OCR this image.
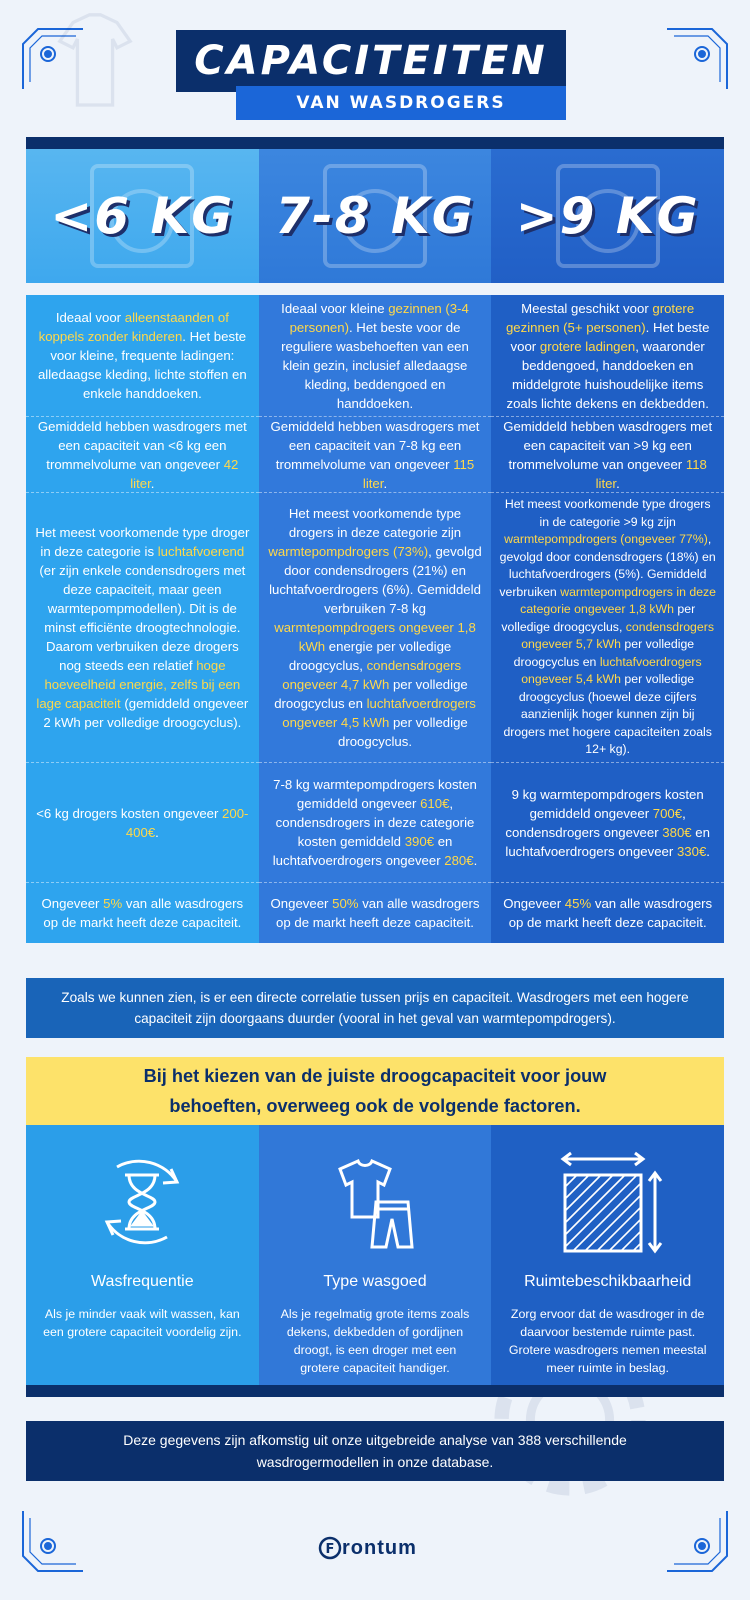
CAPACITEITEN
VAN WASDROGERS
<6 KG 7-8 KG >9 KG
Ideaal voor alleenstaanden of koppels zonder kinderen. Het beste voor kleine, frequente ladingen: alledaagse kleding, lichte stoffen en enkele handdoeken.
Gemiddeld hebben wasdrogers met een capaciteit van <6 kg een trommelvolume van ongeveer 42 liter.
Het meest voorkomende type droger in deze categorie is luchtafvoerend (er zijn enkele condensdrogers met deze capaciteit, maar geen warmtepompmodellen). Dit is de minst efficiënte droogtechnologie. Daarom verbruiken deze drogers nog steeds een relatief hoge hoeveelheid energie, zelfs bij een lage capaciteit (gemiddeld ongeveer 2 kWh per volledige droogcyclus).
<6 kg drogers kosten ongeveer 200-400€.
Ongeveer 5% van alle wasdrogers op de markt heeft deze capaciteit.
Ideaal voor kleine gezinnen (3-4 personen). Het beste voor de reguliere wasbehoeften van een klein gezin, inclusief alledaagse kleding, beddengoed en handdoeken.
Gemiddeld hebben wasdrogers met een capaciteit van 7-8 kg een trommelvolume van ongeveer 115 liter.
Het meest voorkomende type drogers in deze categorie zijn warmtepompdrogers (73%), gevolgd door condensdrogers (21%) en luchtafvoerdrogers (6%). Gemiddeld verbruiken 7-8 kg warmtepompdrogers ongeveer 1,8 kWh energie per volledige droogcyclus, condensdrogers ongeveer 4,7 kWh per volledige droogcyclus en luchtafvoerdrogers ongeveer 4,5 kWh per volledige droogcyclus.
7-8 kg warmtepompdrogers kosten gemiddeld ongeveer 610€, condensdrogers in deze categorie kosten gemiddeld 390€ en luchtafvoerdrogers ongeveer 280€.
Ongeveer 50% van alle wasdrogers op de markt heeft deze capaciteit.
Meestal geschikt voor grotere gezinnen (5+ personen). Het beste voor grotere ladingen, waaronder beddengoed, handdoeken en middelgrote huishoudelijke items zoals lichte dekens en dekbedden.
Gemiddeld hebben wasdrogers met een capaciteit van >9 kg een trommelvolume van ongeveer 118 liter.
Het meest voorkomende type drogers in de categorie >9 kg zijn warmtepompdrogers (ongeveer 77%), gevolgd door condensdrogers (18%) en luchtafvoerdrogers (5%). Gemiddeld verbruiken warmtepompdrogers in deze categorie ongeveer 1,8 kWh per volledige droogcyclus, condensdrogers ongeveer 5,7 kWh per volledige droogcyclus en luchtafvoerdrogers ongeveer 5,4 kWh per volledige droogcyclus (hoewel deze cijfers aanzienlijk hoger kunnen zijn bij drogers met hogere capaciteiten zoals 12+ kg).
9 kg warmtepompdrogers kosten gemiddeld ongeveer 700€, condensdrogers ongeveer 380€ en luchtafvoerdrogers ongeveer 330€.
Ongeveer 45% van alle wasdrogers op de markt heeft deze capaciteit.
Zoals we kunnen zien, is er een directe correlatie tussen prijs en capaciteit. Wasdrogers met een hogere capaciteit zijn doorgaans duurder (vooral in het geval van warmtepompdrogers).
Bij het kiezen van de juiste droogcapaciteit voor jouw
behoeften, overweeg ook de volgende factoren.
Wasfrequentie
Als je minder vaak wilt wassen, kan een grotere capaciteit voordelig zijn.
Type wasgoed
Als je regelmatig grote items zoals dekens, dekbedden of gordijnen droogt, is een droger met een grotere capaciteit handiger.
Ruimtebeschikbaarheid
Zorg ervoor dat de wasdroger in de daarvoor bestemde ruimte past. Grotere wasdrogers nemen meestal meer ruimte in beslag.
Deze gegevens zijn afkomstig uit onze uitgebreide analyse van 388 verschillende wasdrogermodellen in onze database.
F rontum
